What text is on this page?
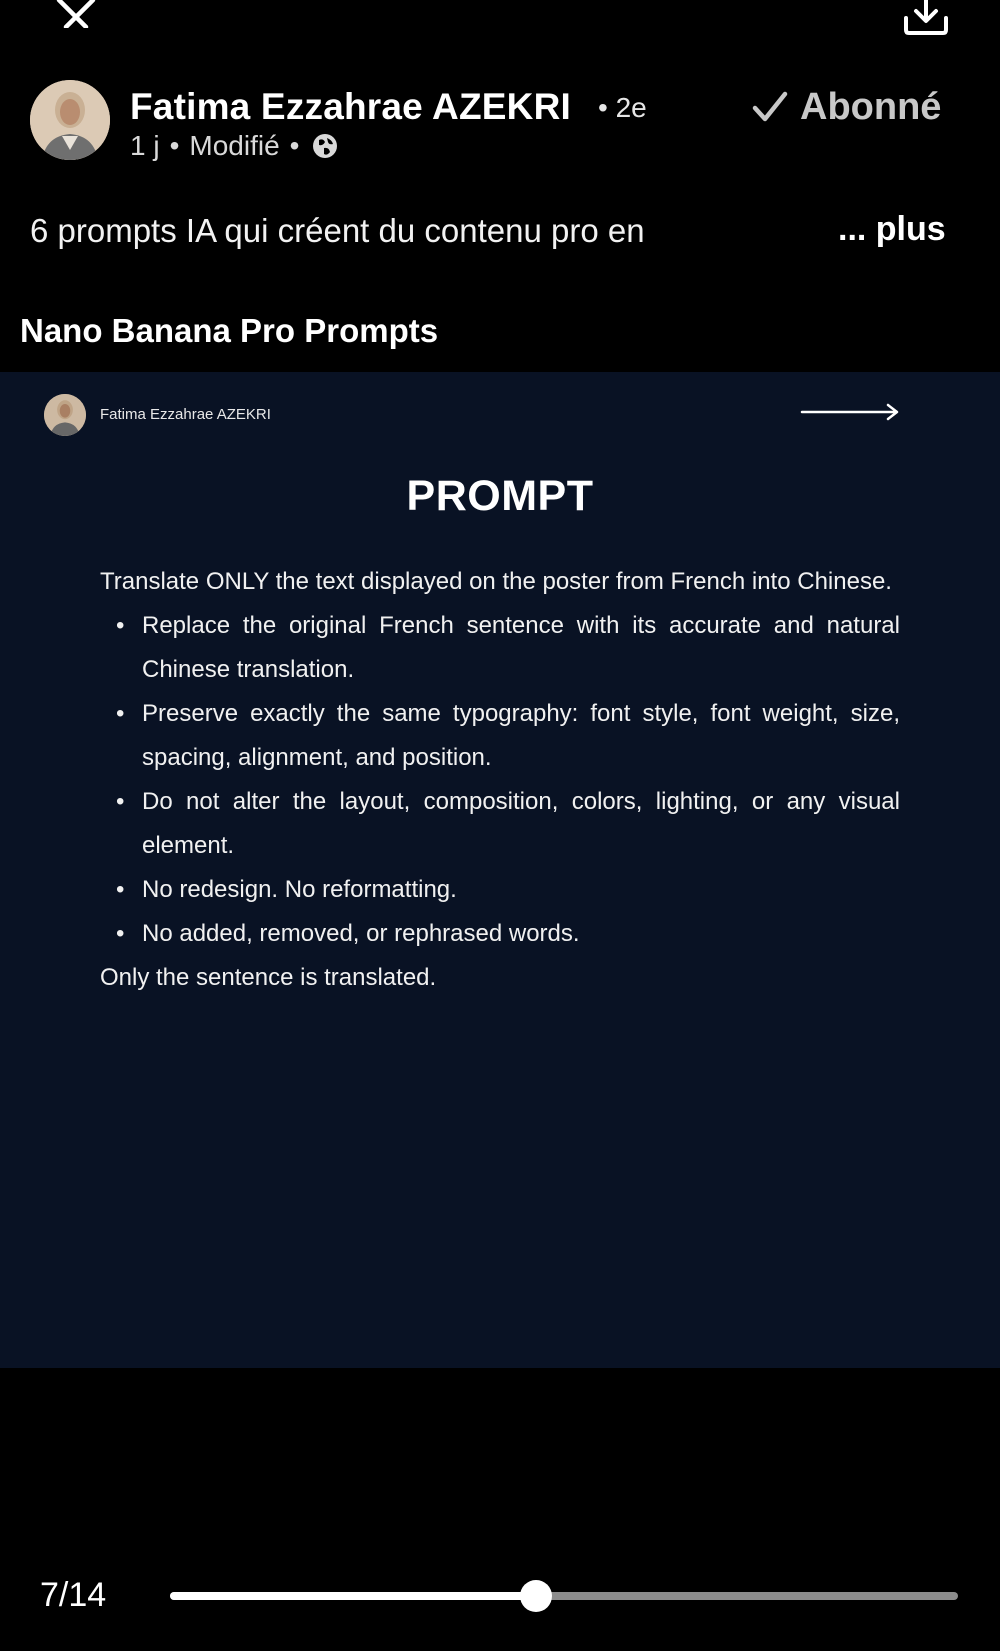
Fatima Ezzahrae AZEKRI • 2e
1 j • Modifié •
Abonné
6 prompts IA qui créent du contenu pro en	... plus
Nano Banana Pro Prompts
Fatima Ezzahrae AZEKRI
PROMPT

Translate ONLY the text displayed on the poster from French into Chinese.

• Replace the original French sentence with its accurate and natural Chinese translation.
• Preserve exactly the same typography: font style, font weight, size, spacing, alignment, and position.
• Do not alter the layout, composition, colors, lighting, or any visual element.
• No redesign. No reformatting.
• No added, removed, or rephrased words.

Only the sentence is translated.

7/14
